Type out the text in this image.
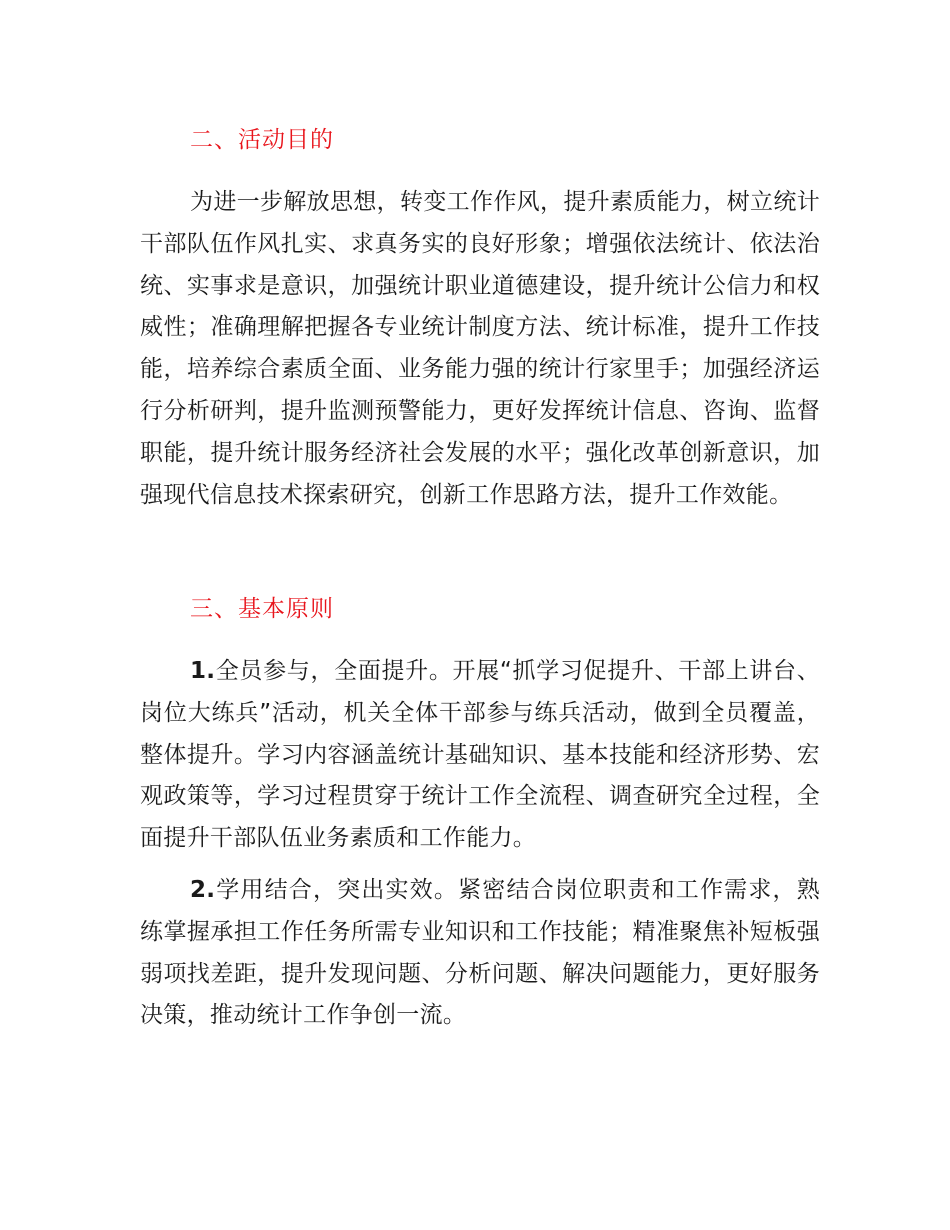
二、活动目的

为进一步解放思想，转变工作作风，提升素质能力，树立统计干部队伍作风扎实、求真务实的良好形象；增强依法统计、依法治统、实事求是意识，加强统计职业道德建设，提升统计公信力和权威性；准确理解把握各专业统计制度方法、统计标准，提升工作技能，培养综合素质全面、业务能力强的统计行家里手；加强经济运行分析研判，提升监测预警能力，更好发挥统计信息、咨询、监督职能，提升统计服务经济社会发展的水平；强化改革创新意识，加强现代信息技术探索研究，创新工作思路方法，提升工作效能。

三、基本原则

1.全员参与，全面提升。开展“抓学习促提升、干部上讲台、岗位大练兵”活动，机关全体干部参与练兵活动，做到全员覆盖，整体提升。学习内容涵盖统计基础知识、基本技能和经济形势、宏观政策等，学习过程贯穿于统计工作全流程、调查研究全过程，全面提升干部队伍业务素质和工作能力。

2.学用结合，突出实效。紧密结合岗位职责和工作需求，熟练掌握承担工作任务所需专业知识和工作技能；精准聚焦补短板强弱项找差距，提升发现问题、分析问题、解决问题能力，更好服务决策，推动统计工作争创一流。
